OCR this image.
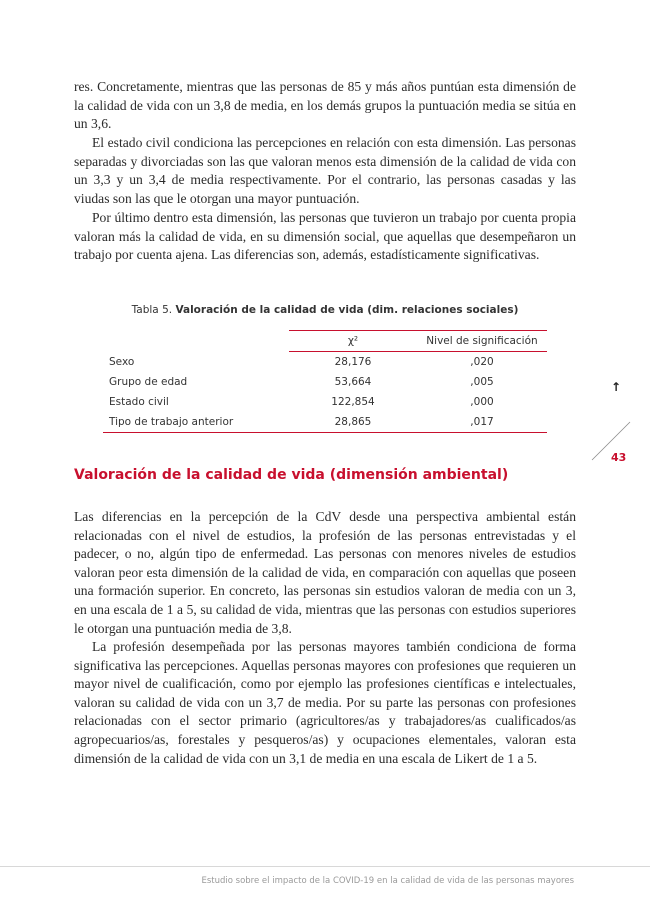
res. Concretamente, mientras que las personas de 85 y más años puntúan esta dimensión de la calidad de vida con un 3,8 de media, en los demás grupos la puntuación media se sitúa en un 3,6.

El estado civil condiciona las percepciones en relación con esta dimensión. Las personas separadas y divorciadas son las que valoran menos esta dimensión de la calidad de vida con un 3,3 y un 3,4 de media respectivamente. Por el contrario, las personas casadas y las viudas son las que le otorgan una mayor puntuación.

Por último dentro esta dimensión, las personas que tuvieron un trabajo por cuenta propia valoran más la calidad de vida, en su dimensión social, que aquellas que desempeñaron un trabajo por cuenta ajena. Las diferencias son, además, estadísticamente significativas.

Tabla 5. Valoración de la calidad de vida (dim. relaciones sociales)
	χ²	Nivel de significación
Sexo	28,176	,020
Grupo de edad	53,664	,005
Estado civil	122,854	,000
Tipo de trabajo anterior	28,865	,017
↑
43
Valoración de la calidad de vida (dimensión ambiental)

Las diferencias en la percepción de la CdV desde una perspectiva ambiental están relacionadas con el nivel de estudios, la profesión de las personas entrevistadas y el padecer, o no, algún tipo de enfermedad. Las personas con menores niveles de estudios valoran peor esta dimensión de la calidad de vida, en comparación con aquellas que poseen una formación superior. En concreto, las personas sin estudios valoran de media con un 3, en una escala de 1 a 5, su calidad de vida, mientras que las personas con estudios superiores le otorgan una puntuación media de 3,8.

La profesión desempeñada por las personas mayores también condiciona de forma significativa las percepciones. Aquellas personas mayores con profesiones que requieren un mayor nivel de cualificación, como por ejemplo las profesiones científicas e intelectuales, valoran su calidad de vida con un 3,7 de media. Por su parte las personas con profesiones relacionadas con el sector primario (agricultores/as y trabajadores/as cualificados/as agropecuarios/as, forestales y pesqueros/as) y ocupaciones elementales, valoran esta dimensión de la calidad de vida con un 3,1 de media en una escala de Likert de 1 a 5.

Estudio sobre el impacto de la COVID-19 en la calidad de vida de las personas mayores
